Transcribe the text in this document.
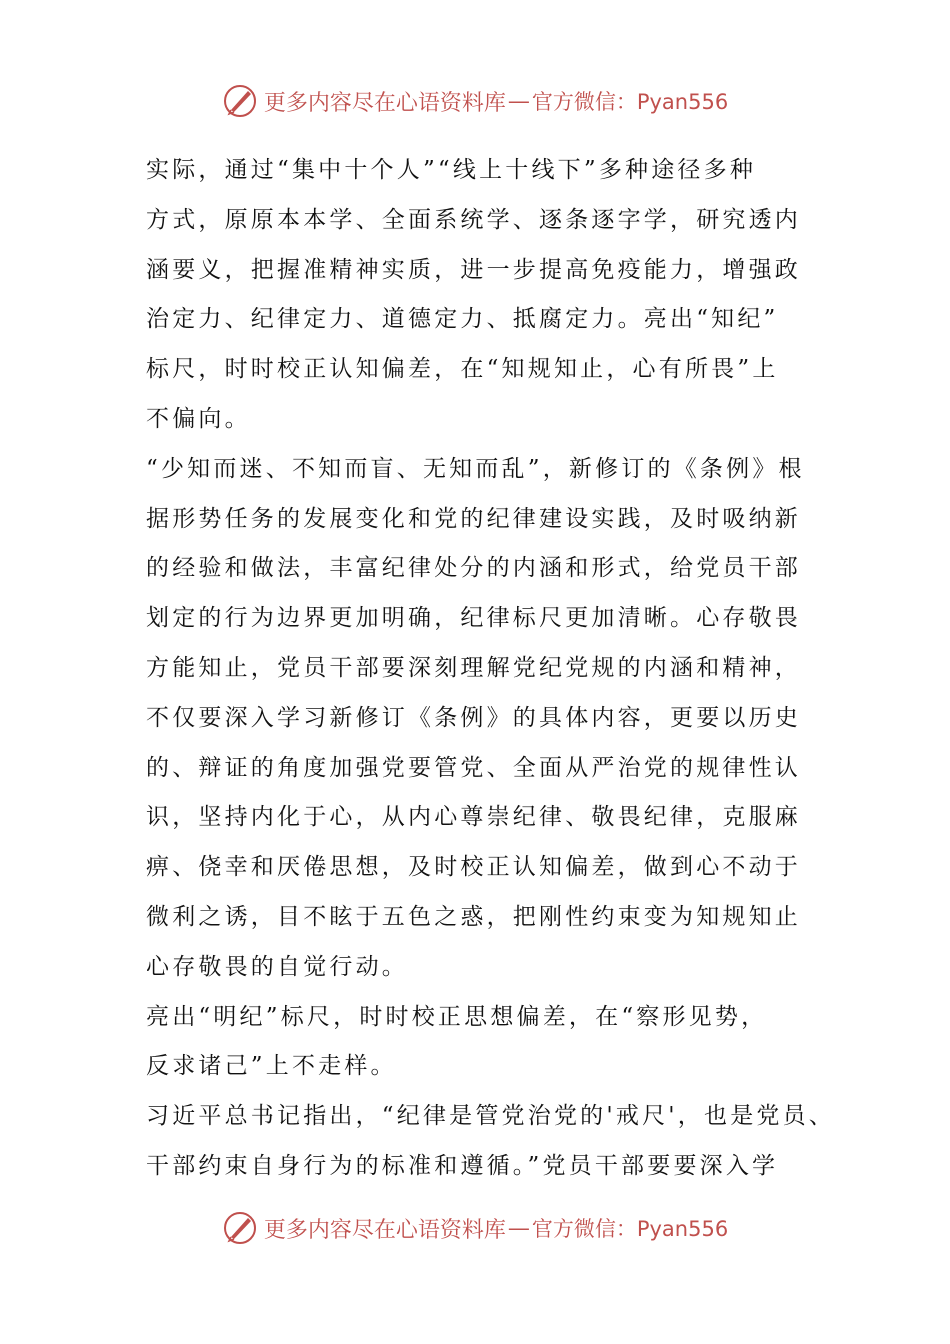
更多内容尽在心语资料库 — 官方微信：Pyan556
实际，通过“集中十个人”“线上十线下”多种途径多种
方式，原原本本学、全面系统学、逐条逐字学，研究透内
涵要义，把握准精神实质，进一步提高免疫能力，增强政
治定力、纪律定力、道德定力、抵腐定力。亮出“知纪”
标尺，时时校正认知偏差，在“知规知止，心有所畏”上
不偏向。
“少知而迷、不知而盲、无知而乱”，新修订的《条例》根
据形势任务的发展变化和党的纪律建设实践，及时吸纳新
的经验和做法，丰富纪律处分的内涵和形式，给党员干部
划定的行为边界更加明确，纪律标尺更加清晰。心存敬畏
方能知止，党员干部要深刻理解党纪党规的内涵和精神，
不仅要深入学习新修订《条例》的具体内容，更要以历史
的、辩证的角度加强党要管党、全面从严治党的规律性认
识，坚持内化于心，从内心尊崇纪律、敬畏纪律，克服麻
痹、侥幸和厌倦思想，及时校正认知偏差，做到心不动于
微利之诱，目不眩于五色之惑，把刚性约束变为知规知止
心存敬畏的自觉行动。
亮出“明纪”标尺，时时校正思想偏差，在“察形见势，
反求诸己”上不走样。
习近平总书记指出，“纪律是管党治党的'戒尺'，也是党员、
干部约束自身行为的标准和遵循。”党员干部要要深入学
更多内容尽在心语资料库 — 官方微信：Pyan556
